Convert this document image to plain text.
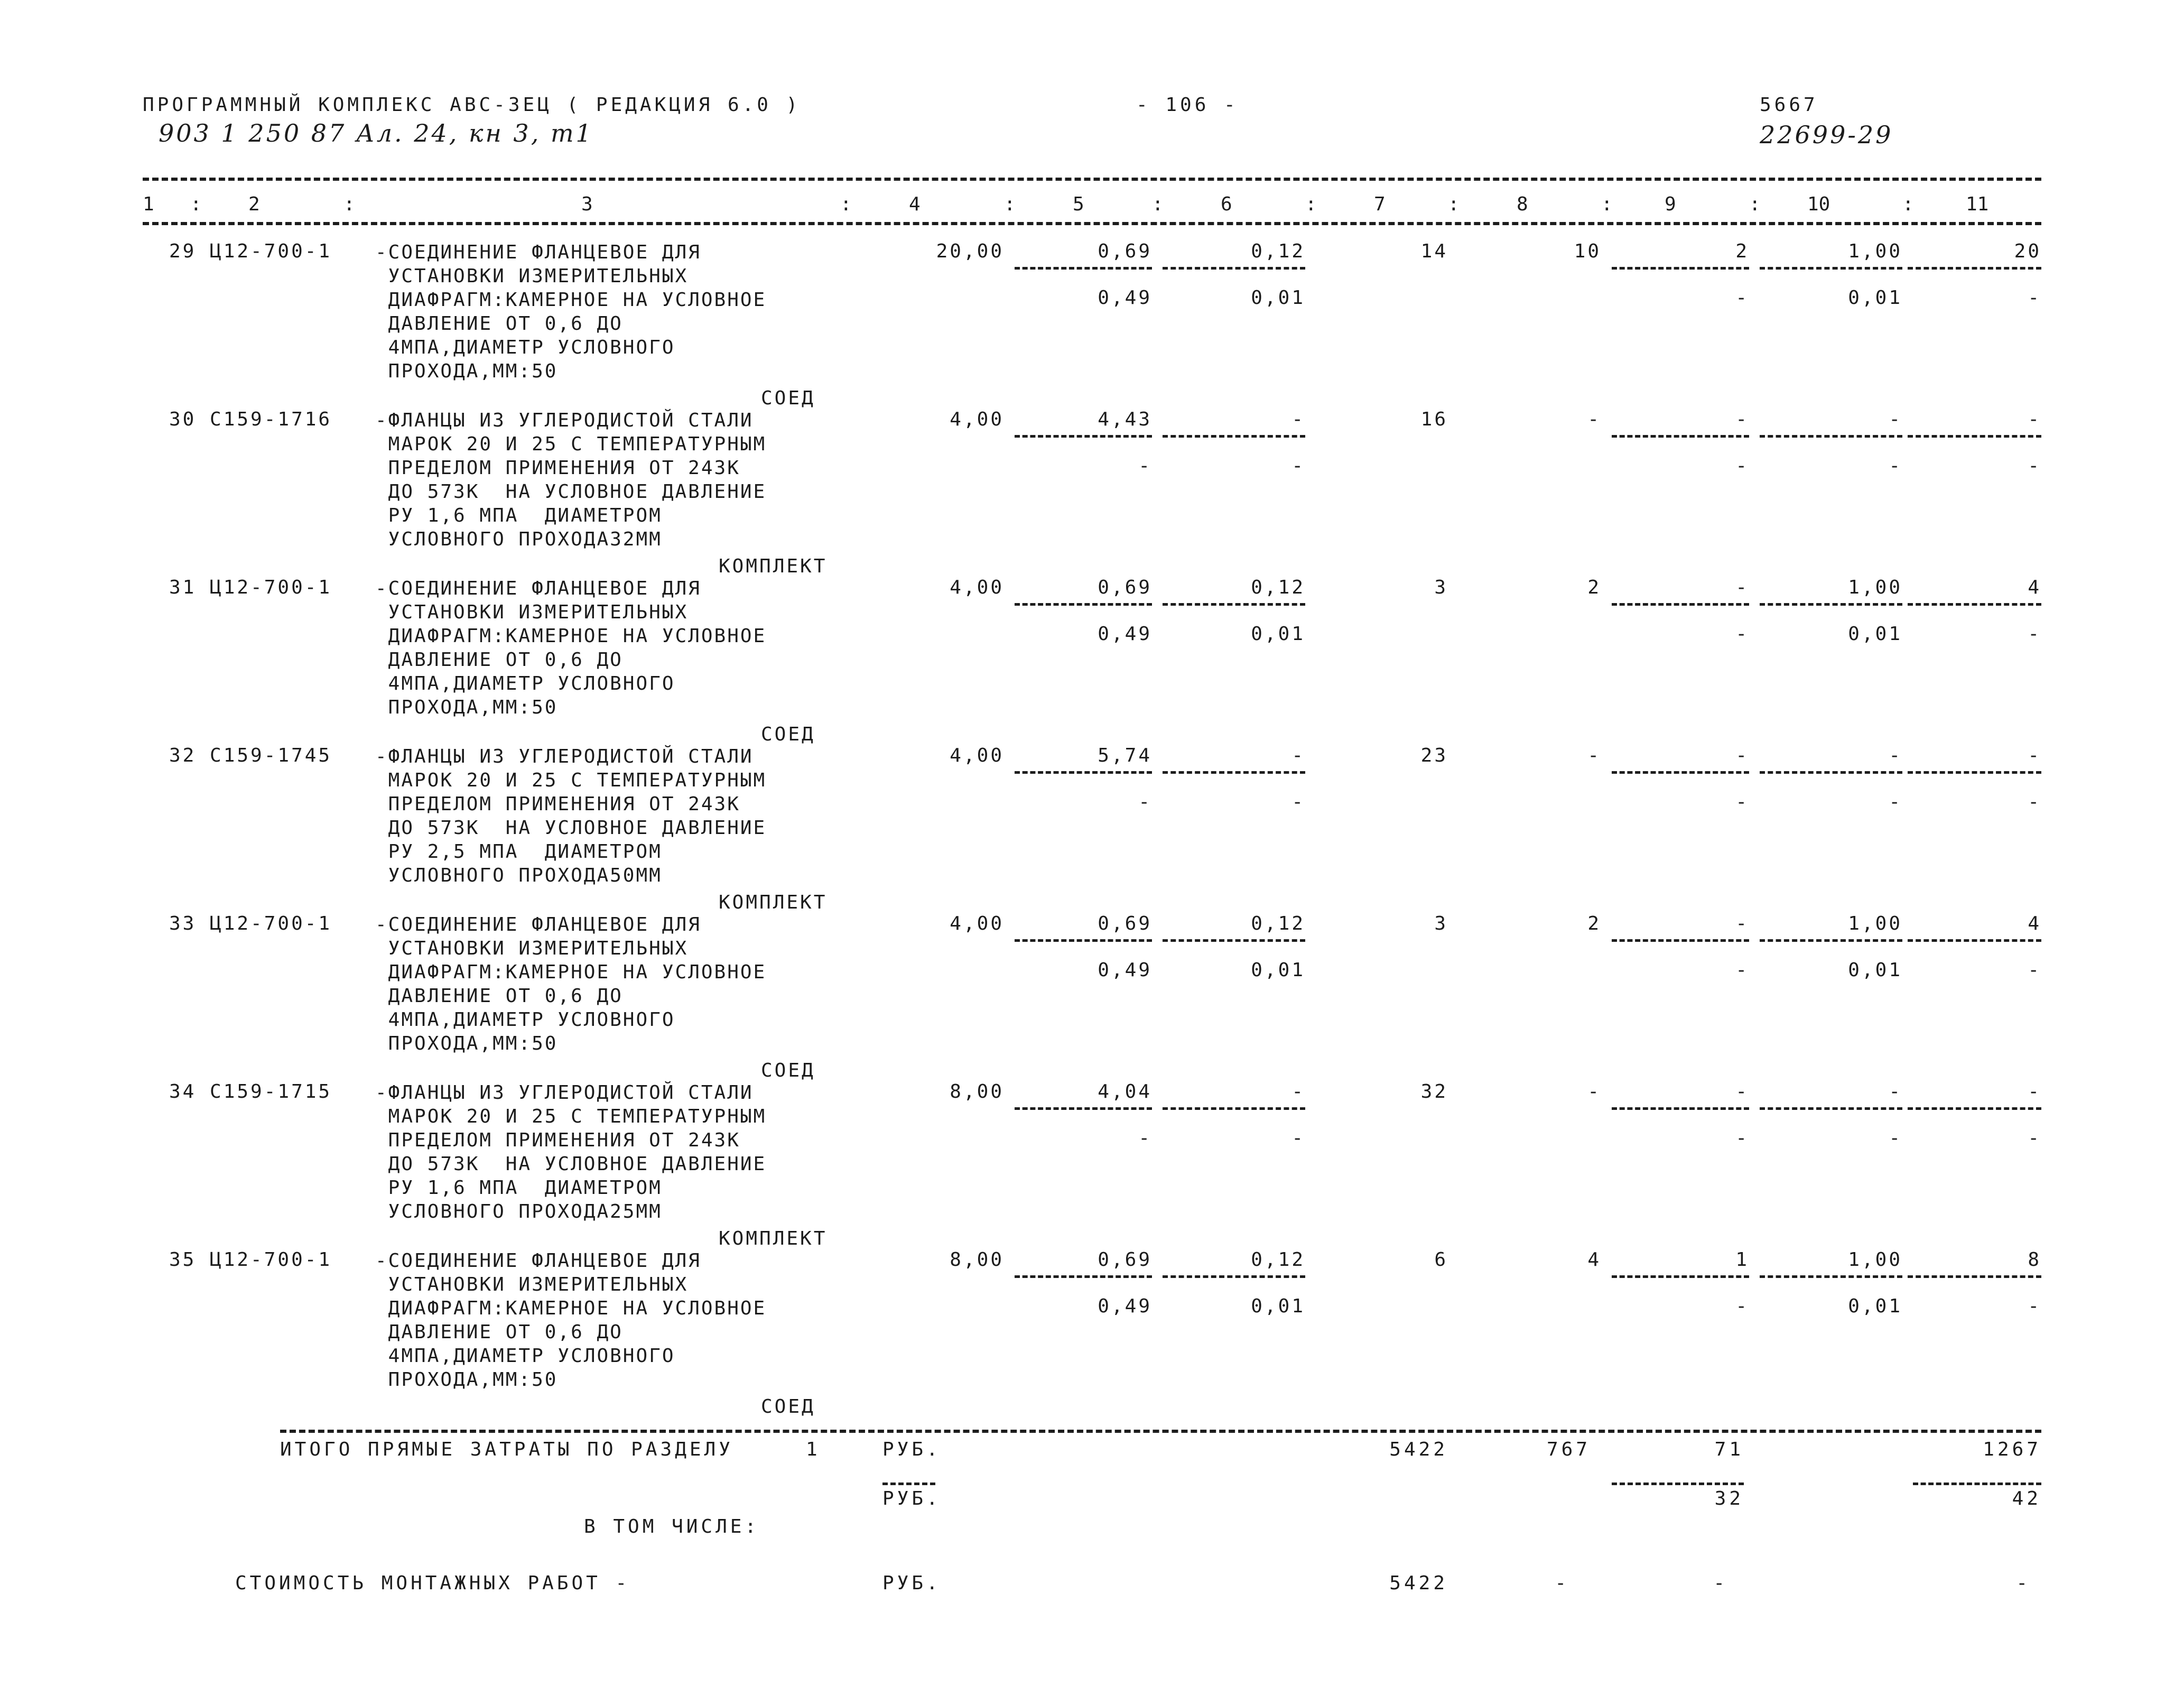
ПРОГРАММНЫЙ КОМПЛЕКС АВС-ЗЕЦ ( РЕДАКЦИЯ 6.0 )	- 106 -	5667
903 1 250 87 Ал. 24, кн 3, т1	22699-29
1 : 2	:	3	:	4	:	5	:	6	:	7	:	8	:	9	: 10	:	11
29 Ц12-700-1 -СОЕДИНЕНИЕ ФЛАНЦЕВОЕ ДЛЯ
УСТАНОВКИ ИЗМЕРИТЕЛЬНЫХ
ДИАФРАГМ:КАМЕРНОЕ НА УСЛОВНОЕ
ДАВЛЕНИЕ ОТ 0,6 ДО
4МПА,ДИАМЕТР УСЛОВНОГО
ПРОХОДА,ММ:50
СОЕД
20,00	0,69	0,12	14	10	2	1,00	20
0,49	0,01	-	0,01	-
30 С159-1716 -ФЛАНЦЫ ИЗ УГЛЕРОДИСТОЙ СТАЛИ
МАРОК 20 И 25 С ТЕМПЕРАТУРНЫМ
ПРЕДЕЛОМ ПРИМЕНЕНИЯ ОТ 243К
ДО 573К  НА УСЛОВНОЕ ДАВЛЕНИЕ
РУ 1,6 МПА  ДИАМЕТРОМ
УСЛОВНОГО ПРОХОДА32ММ
КОМПЛЕКТ
4,00	4,43	-	16	-	-	-	-
-	-	-	-	-
31 Ц12-700-1 -СОЕДИНЕНИЕ ФЛАНЦЕВОЕ ДЛЯ
УСТАНОВКИ ИЗМЕРИТЕЛЬНЫХ
ДИАФРАГМ:КАМЕРНОЕ НА УСЛОВНОЕ
ДАВЛЕНИЕ ОТ 0,6 ДО
4МПА,ДИАМЕТР УСЛОВНОГО
ПРОХОДА,ММ:50
СОЕД
4,00	0,69	0,12	3	2	-	1,00	4
0,49	0,01	-	0,01	-
32 С159-1745 -ФЛАНЦЫ ИЗ УГЛЕРОДИСТОЙ СТАЛИ
МАРОК 20 И 25 С ТЕМПЕРАТУРНЫМ
ПРЕДЕЛОМ ПРИМЕНЕНИЯ ОТ 243К
ДО 573К  НА УСЛОВНОЕ ДАВЛЕНИЕ
РУ 2,5 МПА  ДИАМЕТРОМ
УСЛОВНОГО ПРОХОДА50ММ
КОМПЛЕКТ
4,00	5,74	-	23	-	-	-	-
-	-	-	-	-
33 Ц12-700-1 -СОЕДИНЕНИЕ ФЛАНЦЕВОЕ ДЛЯ
УСТАНОВКИ ИЗМЕРИТЕЛЬНЫХ
ДИАФРАГМ:КАМЕРНОЕ НА УСЛОВНОЕ
ДАВЛЕНИЕ ОТ 0,6 ДО
4МПА,ДИАМЕТР УСЛОВНОГО
ПРОХОДА,ММ:50
СОЕД
4,00	0,69	0,12	3	2	-	1,00	4
0,49	0,01	-	0,01	-
34 С159-1715 -ФЛАНЦЫ ИЗ УГЛЕРОДИСТОЙ СТАЛИ
МАРОК 20 И 25 С ТЕМПЕРАТУРНЫМ
ПРЕДЕЛОМ ПРИМЕНЕНИЯ ОТ 243К
ДО 573К  НА УСЛОВНОЕ ДАВЛЕНИЕ
РУ 1,6 МПА  ДИАМЕТРОМ
УСЛОВНОГО ПРОХОДА25ММ
КОМПЛЕКТ
8,00	4,04	-	32	-	-	-	-
-	-	-	-	-
35 Ц12-700-1 -СОЕДИНЕНИЕ ФЛАНЦЕВОЕ ДЛЯ
УСТАНОВКИ ИЗМЕРИТЕЛЬНЫХ
ДИАФРАГМ:КАМЕРНОЕ НА УСЛОВНОЕ
ДАВЛЕНИЕ ОТ 0,6 ДО
4МПА,ДИАМЕТР УСЛОВНОГО
ПРОХОДА,ММ:50
СОЕД
8,00	0,69	0,12	6	4	1	1,00	8
0,49	0,01	-	0,01	-
ИТОГО ПРЯМЫЕ ЗАТРАТЫ ПО РАЗДЕЛУ	1	РУБ.	5422	767	71	1267
РУБ.	32	42
В ТОМ ЧИСЛЕ:
СТОИМОСТЬ МОНТАЖНЫХ РАБОТ -	РУБ.	5422	-	-	-
